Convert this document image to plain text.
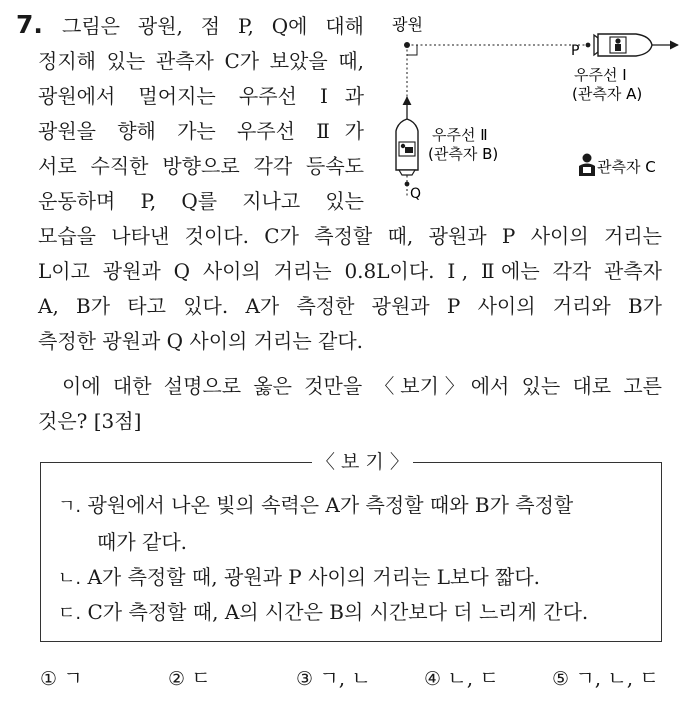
7. 그림은 광원, 점 P, Q에 대해
정지해 있는 관측자 C가 보았을 때,
광원에서 멀어지는 우주선 Ⅰ과
광원을 향해 가는 우주선 Ⅱ가
서로 수직한 방향으로 각각 등속도
운동하며 P, Q를 지나고 있는
모습을 나타낸 것이다. C가 측정할 때, 광원과 P 사이의 거리는
L이고 광원과 Q 사이의 거리는 0.8L이다. Ⅰ, Ⅱ에는 각각 관측자
A, B가 타고 있다. A가 측정한 광원과 P 사이의 거리와 B가
측정한 광원과 Q 사이의 거리는 같다.
이에 대한 설명으로 옳은 것만을 〈보기〉에서 있는 대로 고른
것은? [3점]
광원
P
우주선 Ⅰ
(관측자 A)
Q
우주선 Ⅱ
(관측자 B)
관측자 C
〈 보 기 〉
ㄱ. 광원에서 나온 빛의 속력은 A가 측정할 때와 B가 측정할
때가 같다.
ㄴ. A가 측정할 때, 광원과 P 사이의 거리는 L보다 짧다.
ㄷ. C가 측정할 때, A의 시간은 B의 시간보다 더 느리게 간다.
① ㄱ	② ㄷ	③ ㄱ, ㄴ	④ ㄴ, ㄷ	⑤ ㄱ, ㄴ, ㄷ
